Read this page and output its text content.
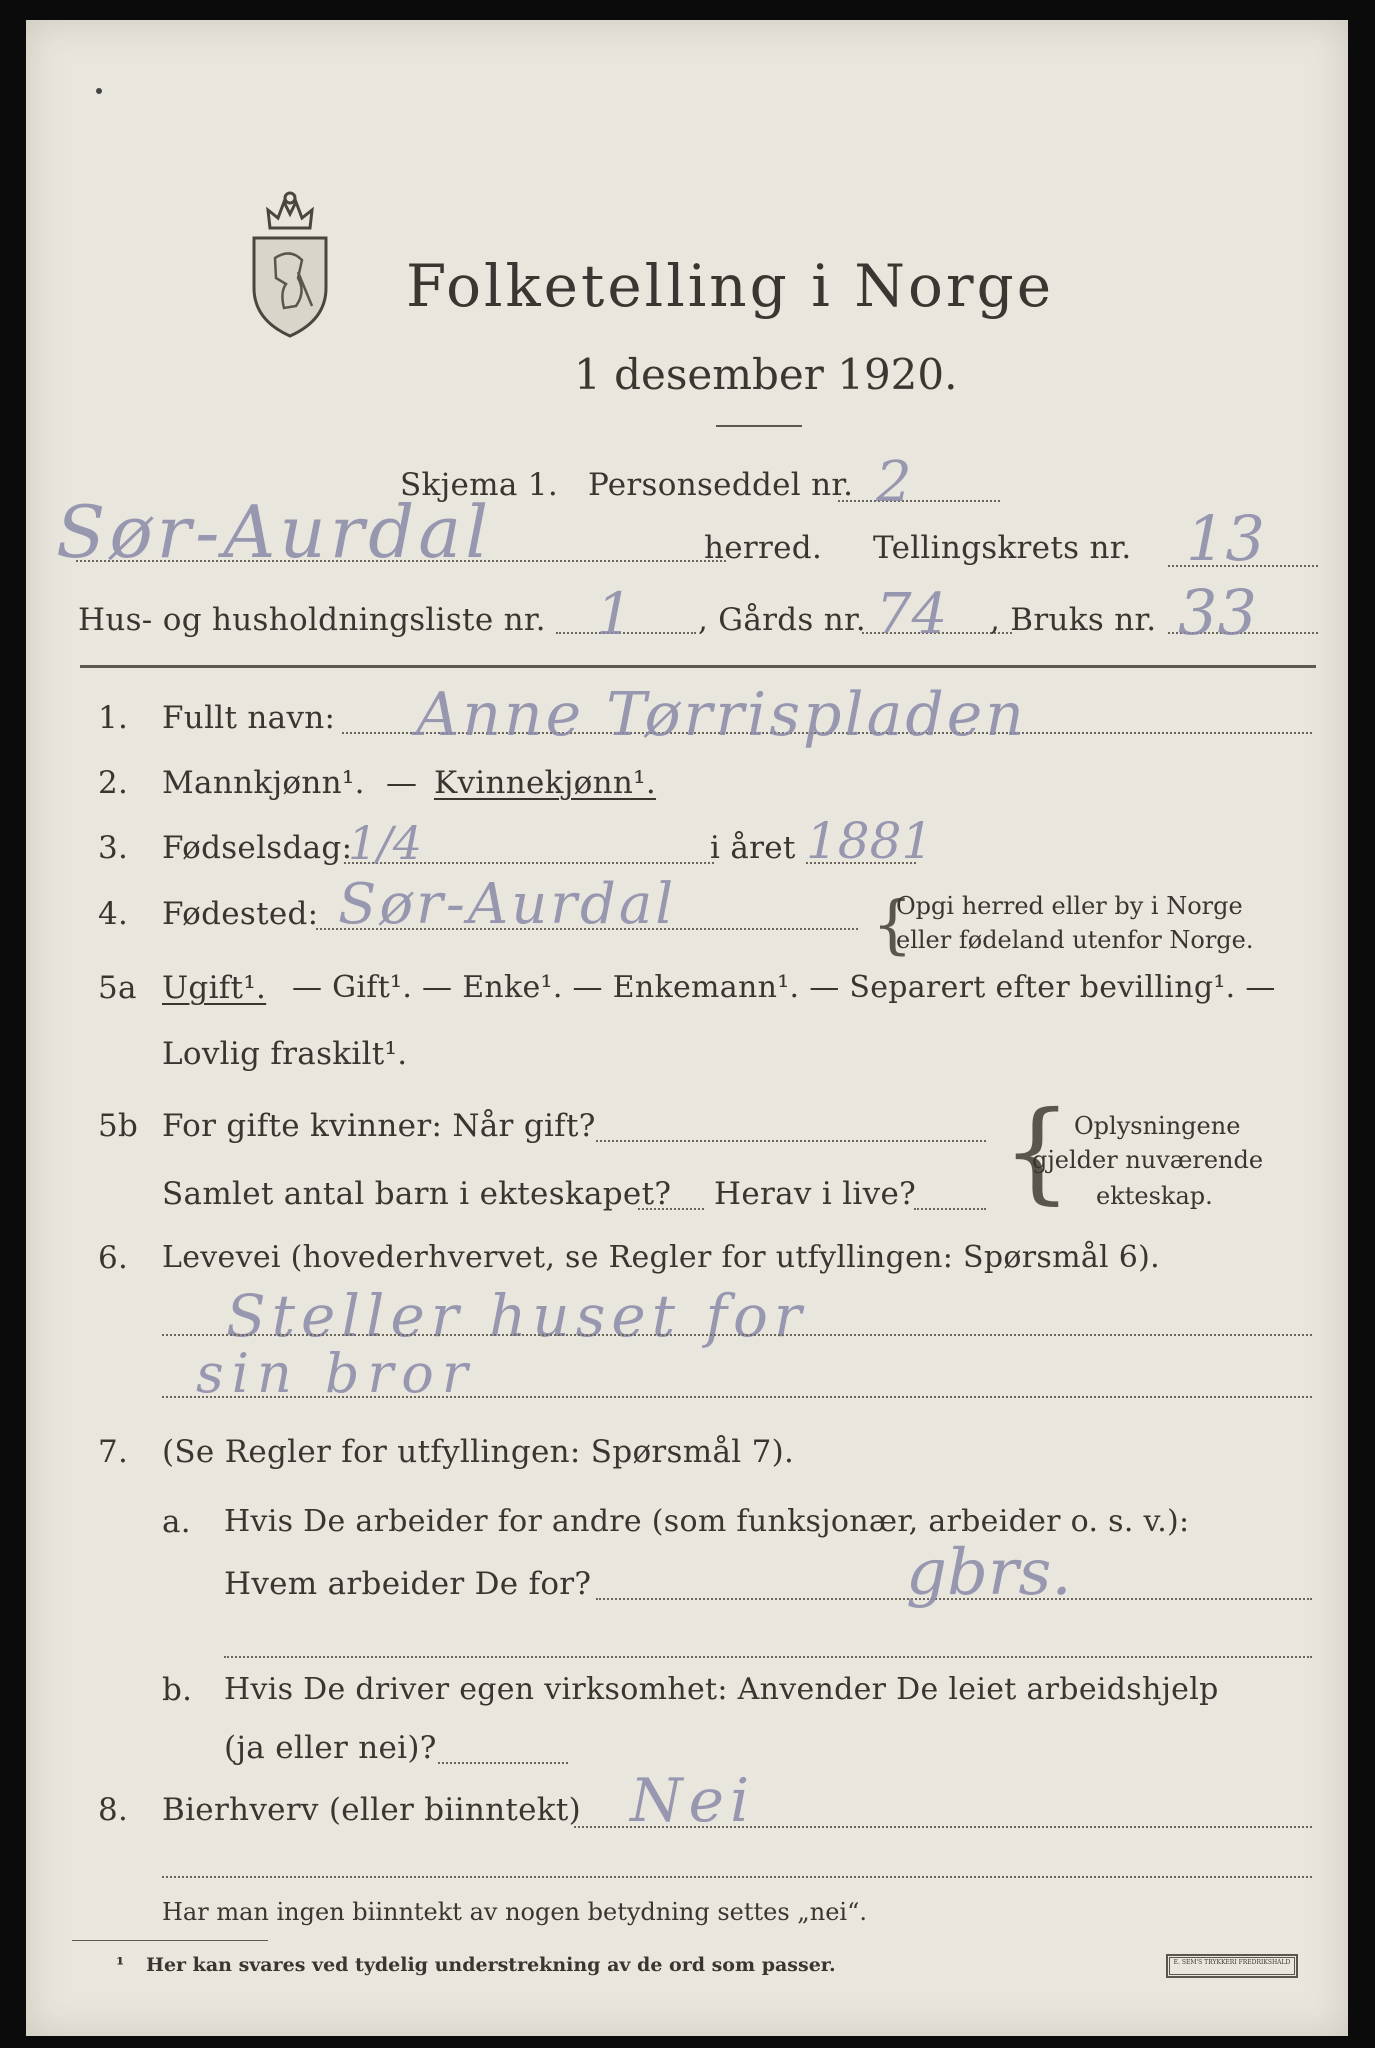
Folketelling i Norge
1 desember 1920.
Skjema 1. Personseddel nr. 2
Sør-Aurdal	herred. Tellingskrets nr. 13
Hus- og husholdningsliste nr. 1 , Gårds nr. 74 , Bruks nr. 33
1. Fullt navn: Anne Tørrispladen
2. Mannkjønn¹. — Kvinnekjønn¹.
3. Fødselsdag:
1/4	i året 1881
4. Fødested: Sør-Aurdal	{
Opgi herred eller by i Norge
eller fødeland utenfor Norge.
5a Ugift¹. — Gift¹. — Enke¹. — Enkemann¹. — Separert efter bevilling¹. —
Lovlig fraskilt¹.
5b For gifte kvinner: Når gift?
Samlet antal barn i ekteskapet? Herav i live? { Oplysningene
gjelder nuværende
ekteskap.
6. Levevei (hovederhvervet, se Regler for utfyllingen: Spørsmål 6).
Steller huset for
sin bror
7. (Se Regler for utfyllingen: Spørsmål 7).
a. Hvis De arbeider for andre (som funksjonær, arbeider o. s. v.):
Hvem arbeider De for?	gbrs.
b. Hvis De driver egen virksomhet: Anvender De leiet arbeidshjelp
(ja eller nei)?
8. Bierhverv (eller biinntekt) Nei
Har man ingen biinntekt av nogen betydning settes „nei“.
¹ Her kan svares ved tydelig understrekning av de ord som passer.	E. SEM'S TRYKKERI FREDRIKSHALD
